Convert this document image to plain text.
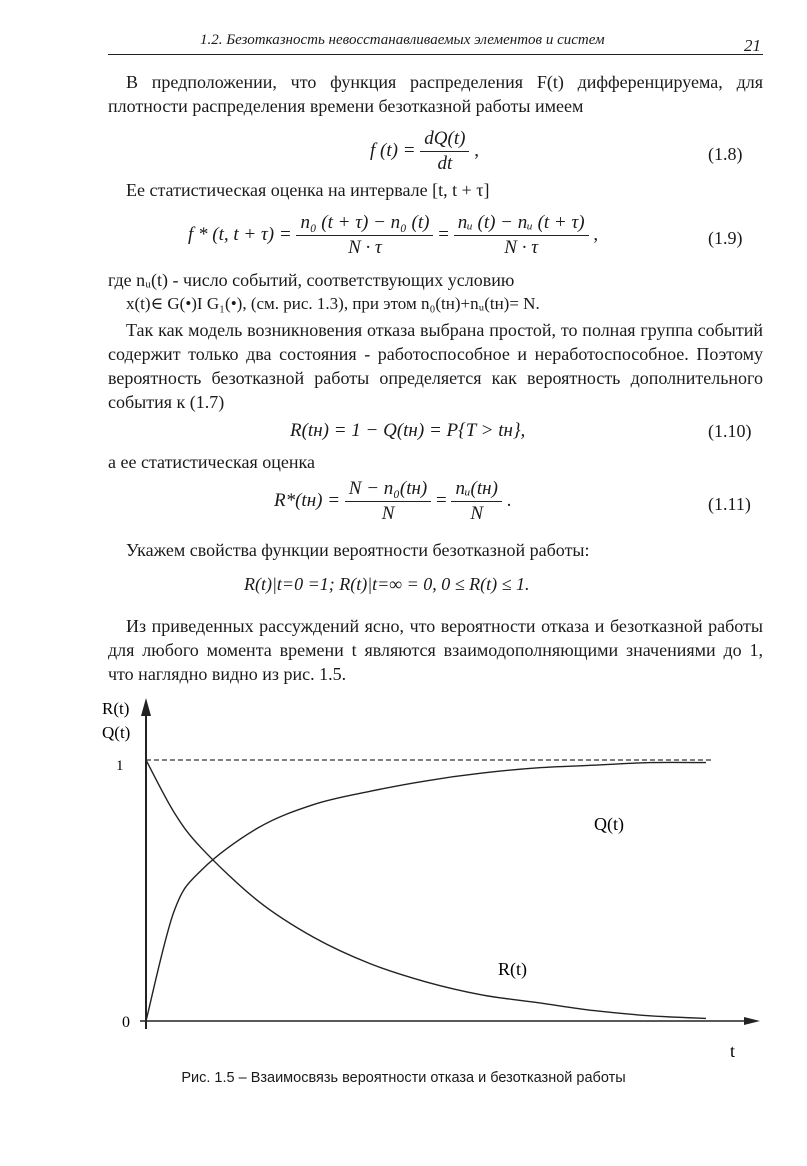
1.2. Безотказность невосстанавливаемых элементов и систем	21

В предположении, что функция распределения F(t) дифференцируема, для плотности распределения времени безотказной работы имеем

f $(t) = \frac{dQ(t)}{dt}$ ,	(1.8)
Ее статистическая оценка на интервале [t, t + τ]
f * (t, $t + \tau) = \frac{\text{n₀ (t + τ) − n₀ (t)}}{N \cdot \tau} = \frac{\text{nᵤ (t) − nᵤ (t + τ)}}{N \cdot \tau}$ ,	(1.9)
где nᵤ(t) - число событий, соответствующих условию
x(t)∈ G(•)I G₁(•), (см. рис. 1.3), при этом n₀(tн)+nᵤ(tн)= N.

Так как модель возникновения отказа выбрана простой, то полная группа событий содержит только два состояния - работоспособное и неработоспособное. Поэтому вероятность безотказной работы определяется как вероятность дополнительного события к (1.7)

R(tн) = 1 − Q(tн) = P{T > tн},	(1.10)
а ее статистическая оценка
$R*(tн) = \frac{\text{N − n₀(tн)}}{N} = \frac{\text{nᵤ(tн)}}{N}$ .	(1.11)
Укажем свойства функции вероятности безотказной работы:
R(t)|t=0 =1; R(t)|t=∞ = 0, 0 ≤ R(t) ≤ 1.

Из приведенных рассуждений ясно, что вероятности отказа и безотказной работы для любого момента времени t являются взаимодополняющими значениями до 1, что наглядно видно из рис. 1.5.

R(t)
Q(t)
1
0
t
Q(t)
R(t)
Рис. 1.5 – Взаимосвязь вероятности отказа и безотказной работы
